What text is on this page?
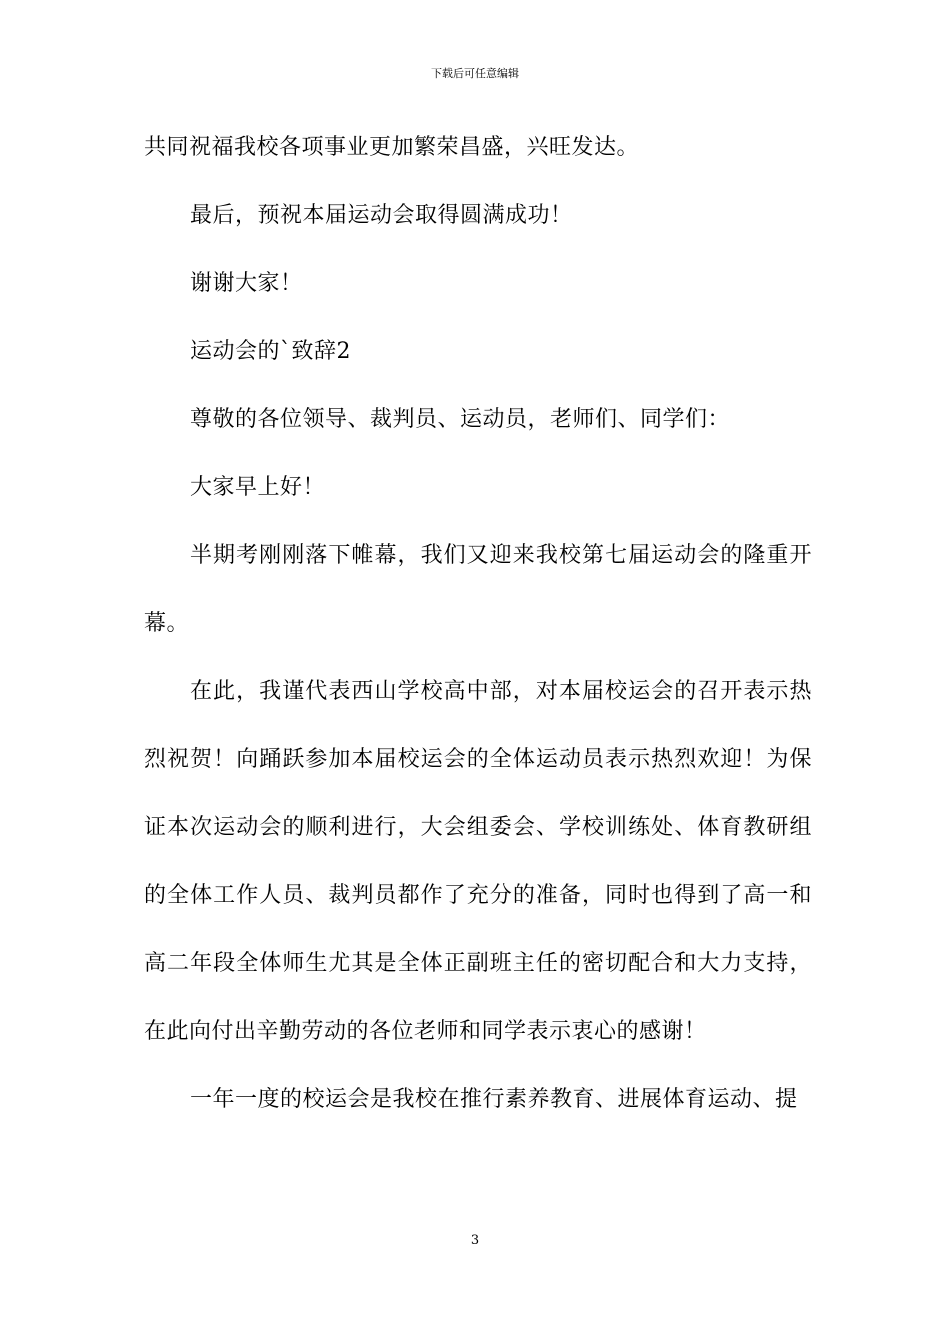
下载后可任意编辑

共同祝福我校各项事业更加繁荣昌盛，兴旺发达。

最后，预祝本届运动会取得圆满成功！

谢谢大家！

运动会的`致辞2

尊敬的各位领导、裁判员、运动员，老师们、同学们：

大家早上好！

半期考刚刚落下帷幕，我们又迎来我校第七届运动会的隆重开幕。

在此，我谨代表西山学校高中部，对本届校运会的召开表示热烈祝贺！向踊跃参加本届校运会的全体运动员表示热烈欢迎！为保证本次运动会的顺利进行，大会组委会、学校训练处、体育教研组的全体工作人员、裁判员都作了充分的准备，同时也得到了高一和高二年段全体师生尤其是全体正副班主任的密切配合和大力支持，在此向付出辛勤劳动的各位老师和同学表示衷心的感谢！

一年一度的校运会是我校在推行素养教育、进展体育运动、提

3
